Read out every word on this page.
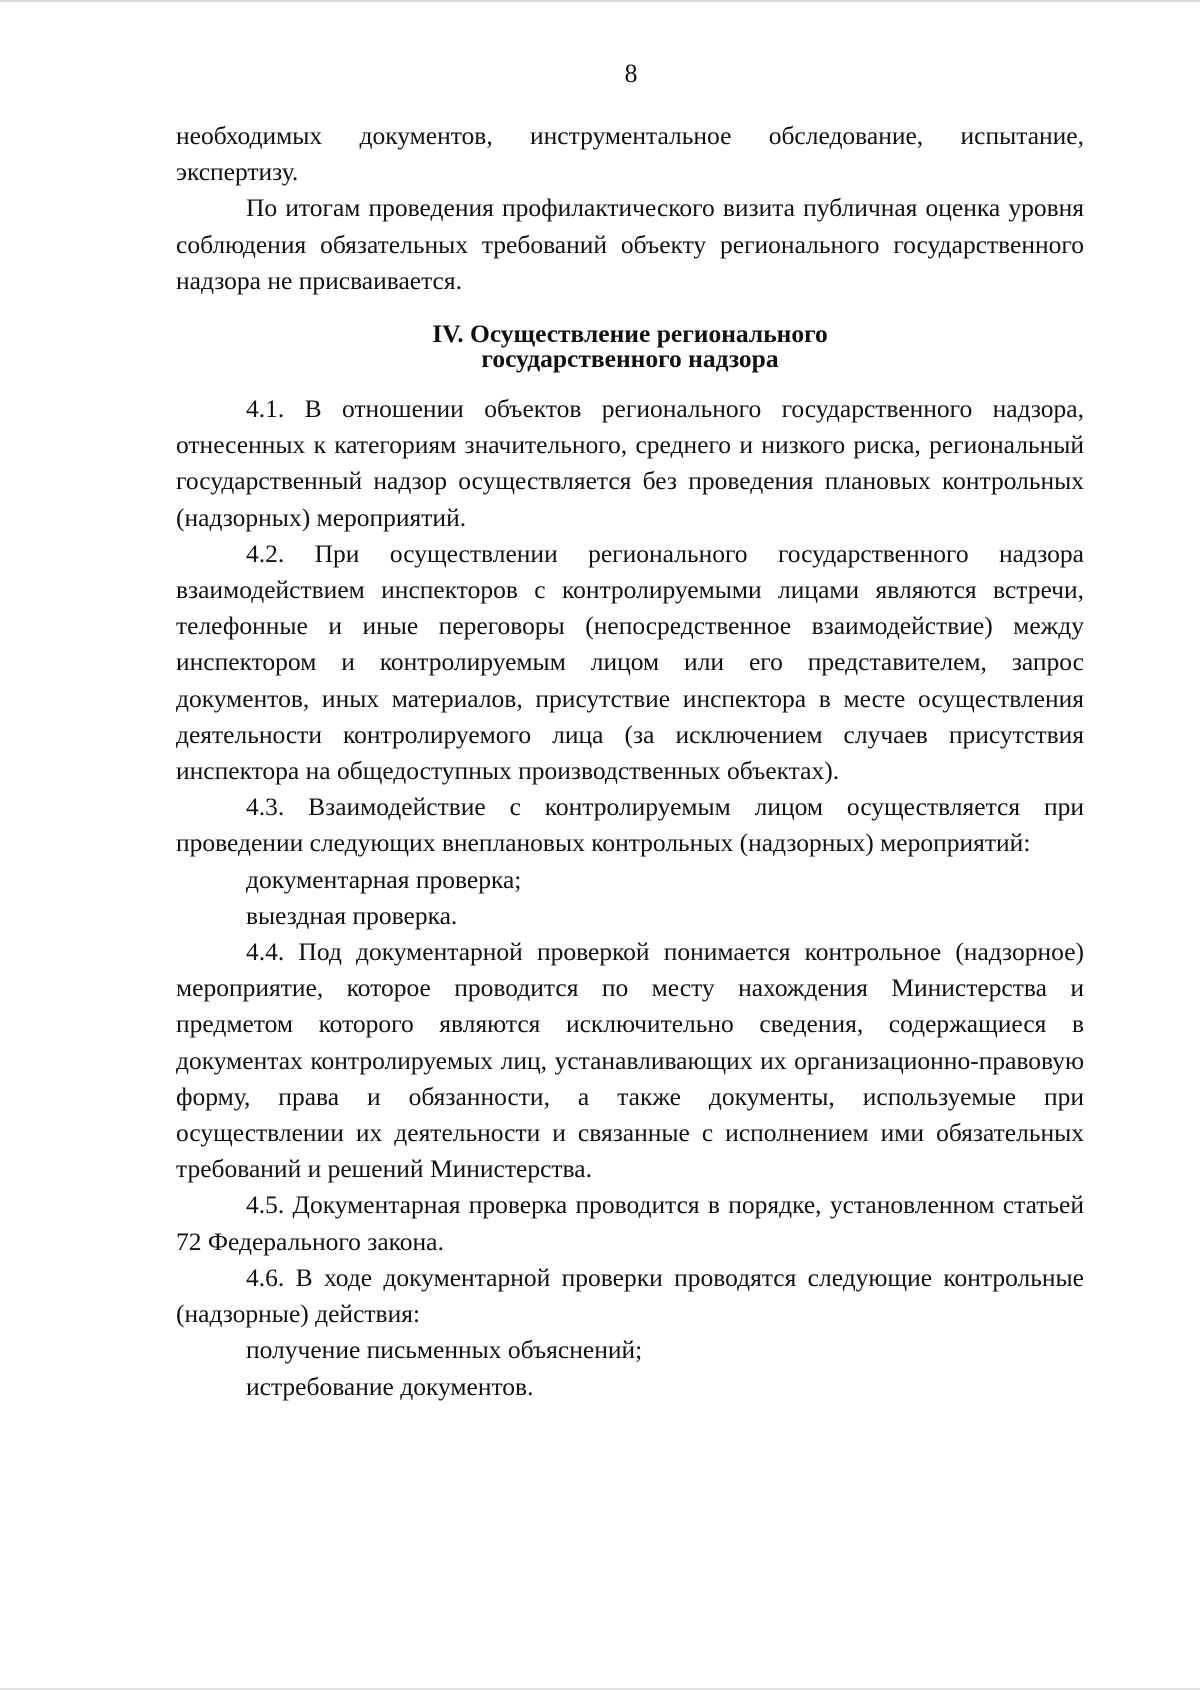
8

необходимых документов, инструментальное обследование, испытание, экспертизу.

По итогам проведения профилактического визита публичная оценка уровня соблюдения обязательных требований объекту регионального государственного надзора не присваивается.

IV. Осуществление регионального
государственного надзора

4.1. В отношении объектов регионального государственного надзора, отнесенных к категориям значительного, среднего и низкого риска, региональный государственный надзор осуществляется без проведения плановых контрольных (надзорных) мероприятий.

4.2. При осуществлении регионального государственного надзора взаимодействием инспекторов с контролируемыми лицами являются встречи, телефонные и иные переговоры (непосредственное взаимодействие) между инспектором и контролируемым лицом или его представителем, запрос документов, иных материалов, присутствие инспектора в месте осуществления деятельности контролируемого лица (за исключением случаев присутствия инспектора на общедоступных производственных объектах).

4.3. Взаимодействие с контролируемым лицом осуществляется при проведении следующих внеплановых контрольных (надзорных) мероприятий:

документарная проверка;

выездная проверка.

4.4. Под документарной проверкой понимается контрольное (надзорное) мероприятие, которое проводится по месту нахождения Министерства и предметом которого являются исключительно сведения, содержащиеся в документах контролируемых лиц, устанавливающих их организационно-правовую форму, права и обязанности, а также документы, используемые при осуществлении их деятельности и связанные с исполнением ими обязательных требований и решений Министерства.

4.5. Документарная проверка проводится в порядке, установленном статьей 72 Федерального закона.

4.6. В ходе документарной проверки проводятся следующие контрольные (надзорные) действия:

получение письменных объяснений;

истребование документов.
